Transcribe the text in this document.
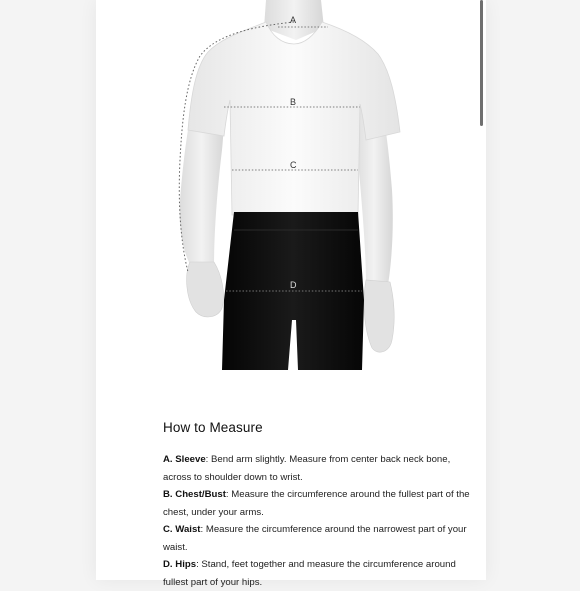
A
B
C
D
How to Measure

A. Sleeve: Bend arm slightly. Measure from center back neck bone, across to shoulder down to wrist.

B. Chest/Bust: Measure the circumference around the fullest part of the chest, under your arms.

C. Waist: Measure the circumference around the narrowest part of your waist.

D. Hips: Stand, feet together and measure the circumference around fullest part of your hips.
